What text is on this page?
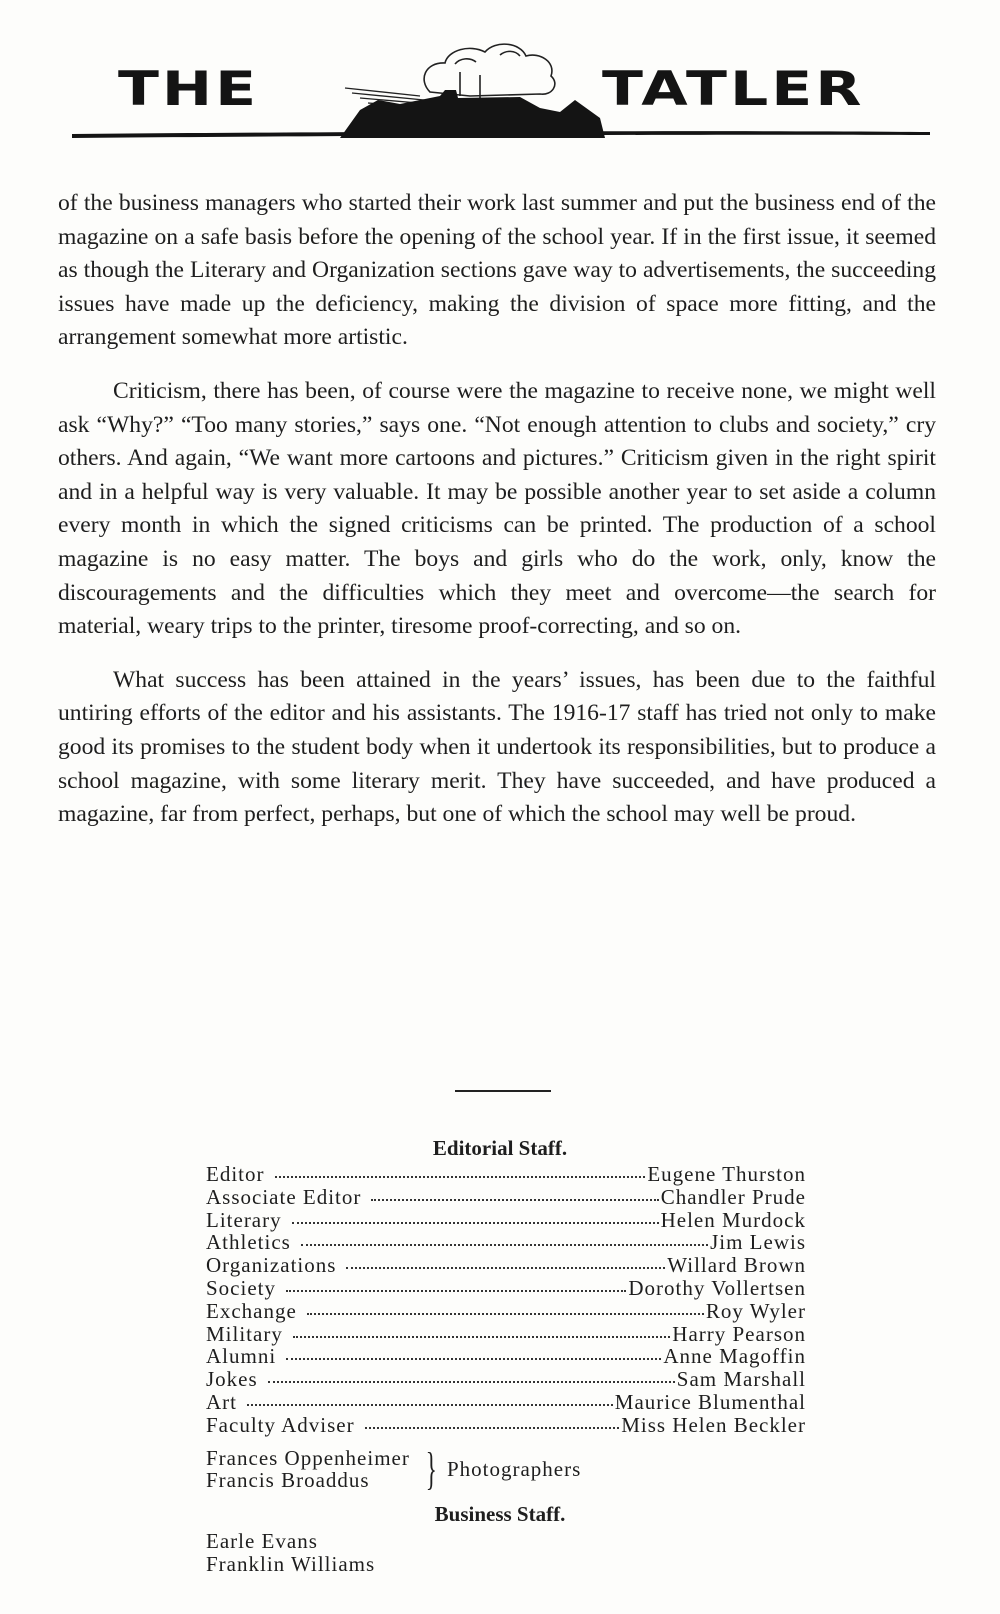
THE	TATLER

of the business managers who started their work last summer and put the business end of the magazine on a safe basis before the opening of the school year. If in the first issue, it seemed as though the Literary and Organization sections gave way to advertisements, the succeeding issues have made up the deficiency, making the division of space more fitting, and the arrangement somewhat more artistic.

Criticism, there has been, of course were the magazine to receive none, we might well ask “Why?” “Too many stories,” says one. “Not enough attention to clubs and society,” cry others. And again, “We want more cartoons and pictures.” Criticism given in the right spirit and in a helpful way is very valuable. It may be possible another year to set aside a column every month in which the signed criticisms can be printed. The production of a school magazine is no easy matter. The boys and girls who do the work, only, know the discouragements and the difficulties which they meet and overcome—the search for material, weary trips to the printer, tiresome proof-correcting, and so on.

What success has been attained in the years’ issues, has been due to the faithful untiring efforts of the editor and his assistants. The 1916-17 staff has tried not only to make good its promises to the student body when it undertook its responsibilities, but to produce a school magazine, with some literary merit. They have succeeded, and have produced a magazine, far from perfect, perhaps, but one of which the school may well be proud.

Editorial Staff.
Editor	Eugene Thurston
Associate Editor	Chandler Prude
Literary	Helen Murdock
Athletics	Jim Lewis
Organizations	Willard Brown
Society	Dorothy Vollertsen
Exchange	Roy Wyler
Military	Harry Pearson
Alumni	Anne Magoffin
Jokes	Sam Marshall
Art	Maurice Blumenthal
Faculty Adviser	Miss Helen Beckler
Frances Oppenheimer
Francis Broaddus	} Photographers
Business Staff.
Earle Evans
Franklin Williams
